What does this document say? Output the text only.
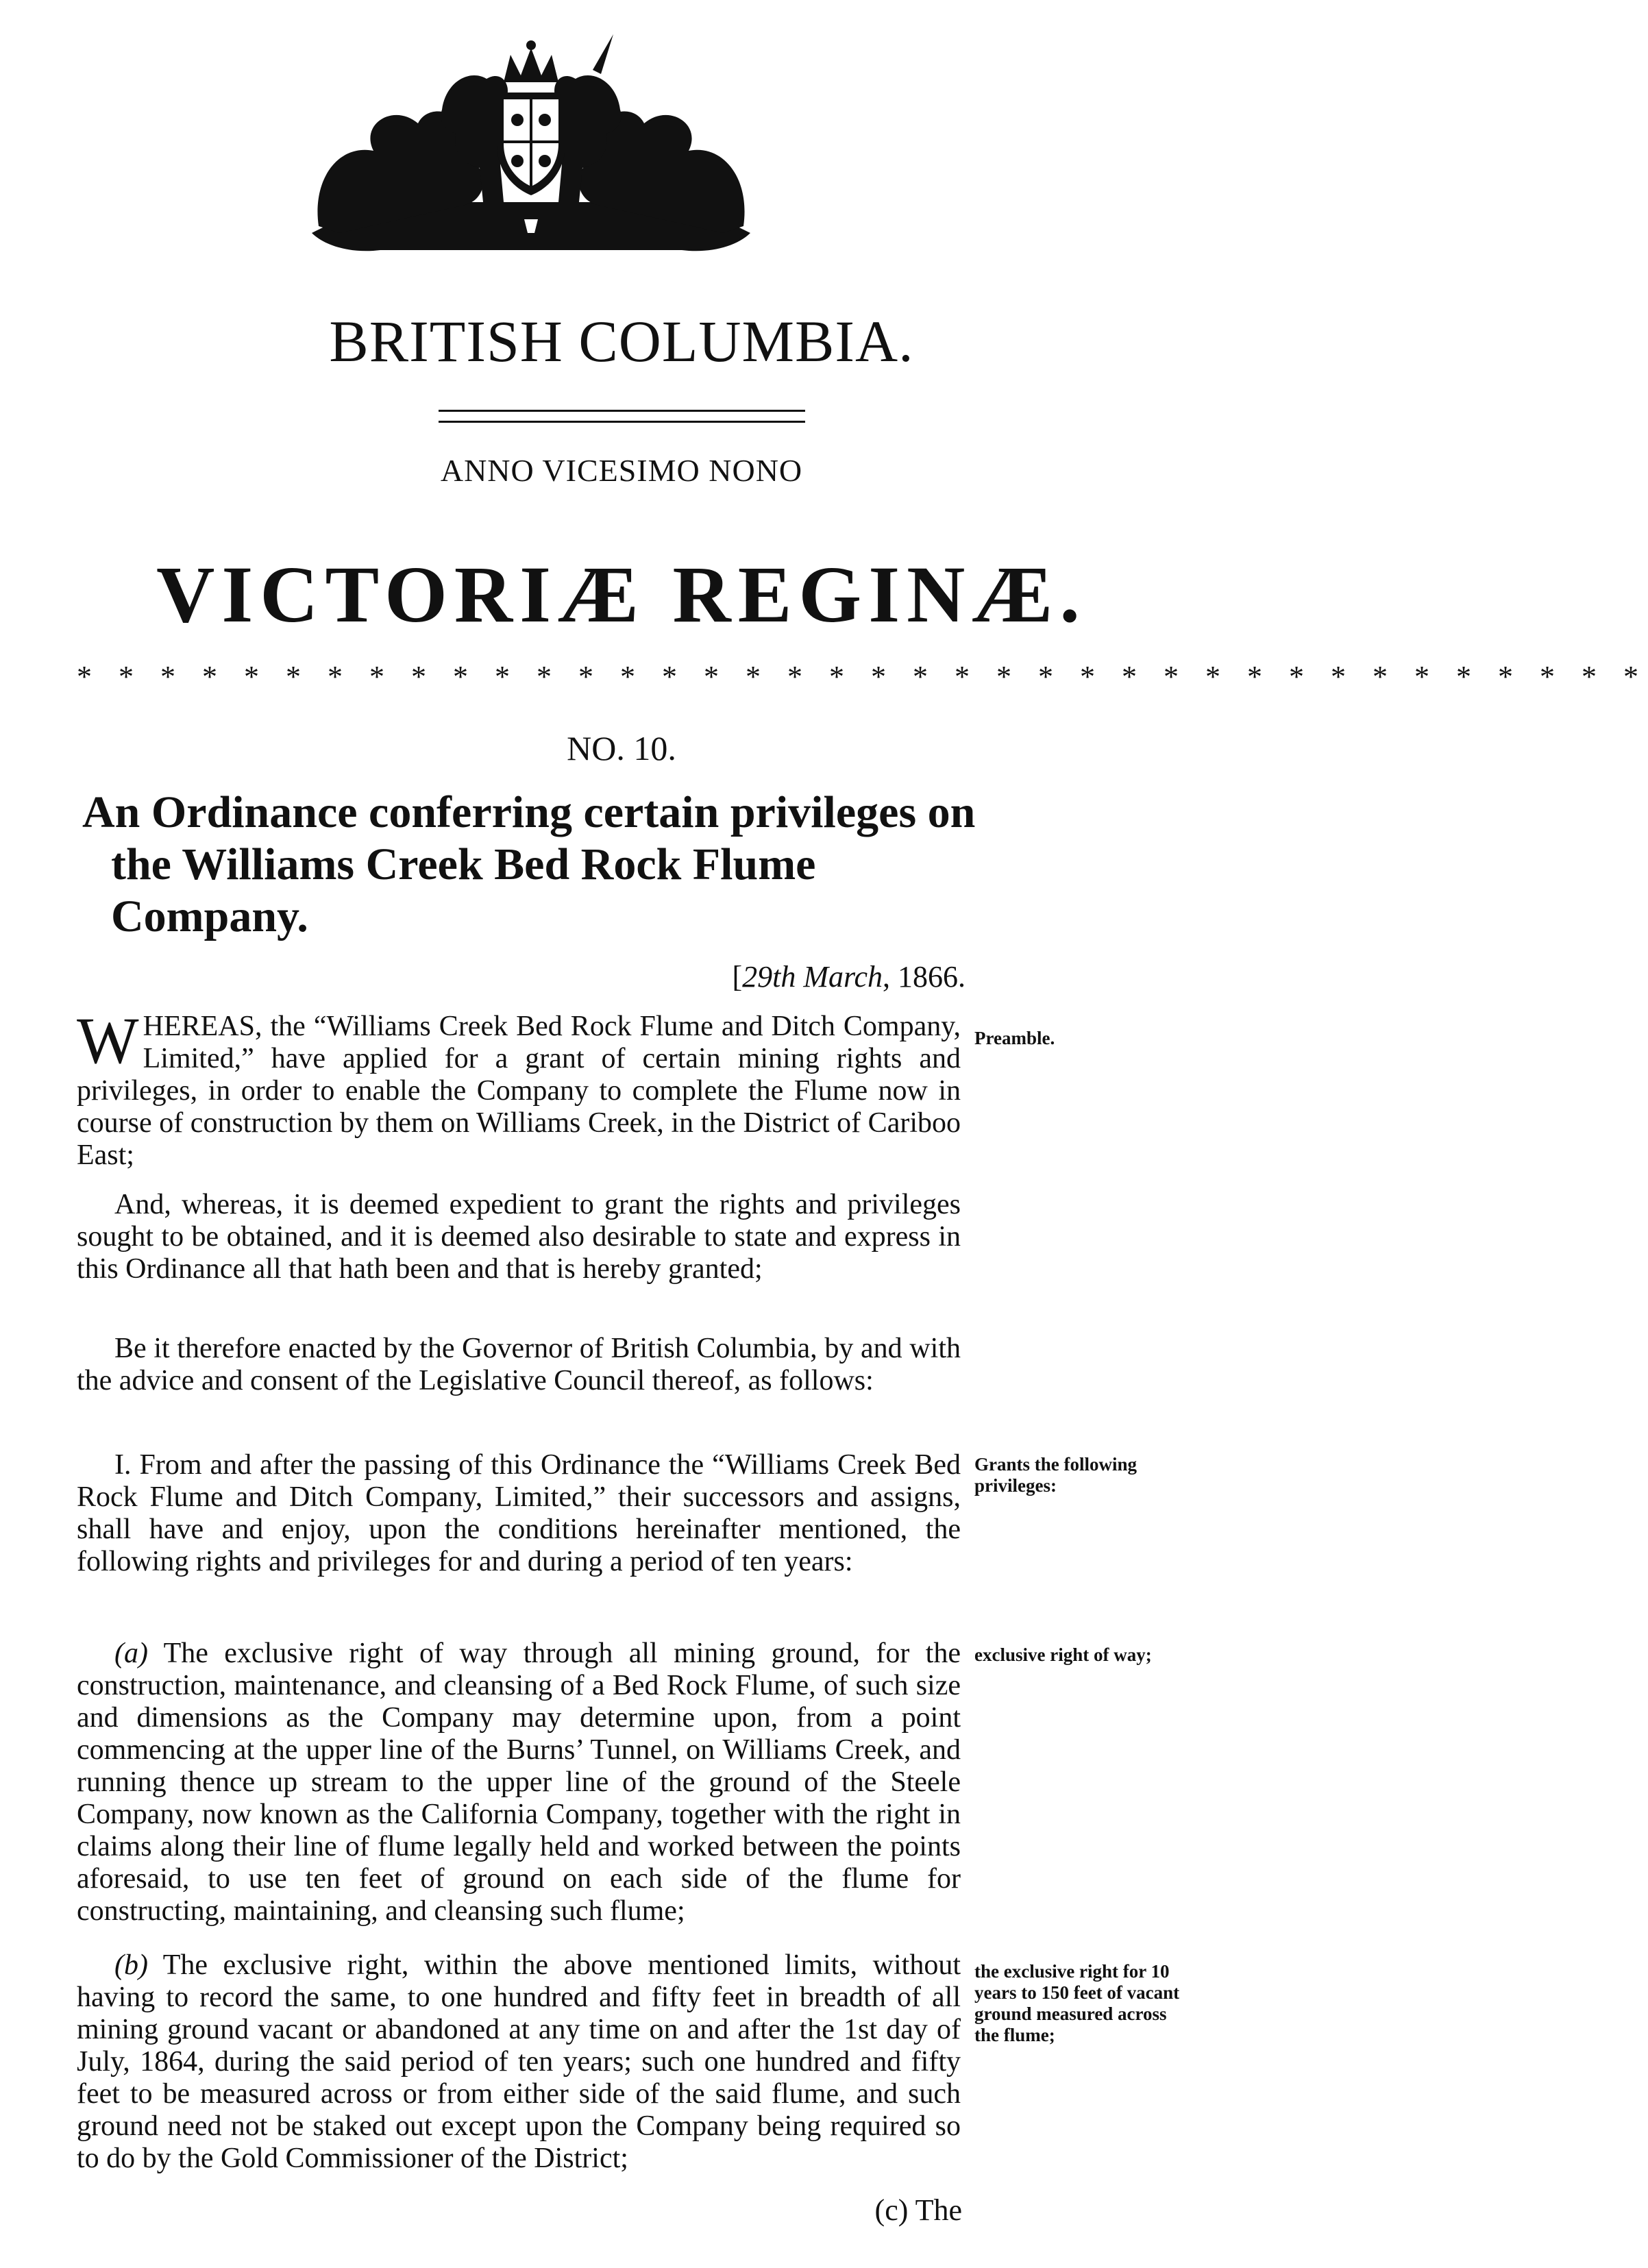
BRITISH COLUMBIA.
ANNO VICESIMO NONO
VICTORIÆ REGINÆ.
* * * * * * * * * * * * * * * * * * * * * * * * * * * * * * * * * * * * * *
NO. 10.
An Ordinance conferring certain privileges on the Williams Creek Bed Rock Flume Company.
[29th March, 1866.
WHEREAS, the “Williams Creek Bed Rock Flume and Ditch Company, Limited,” have applied for a grant of certain mining rights and privileges, in order to enable the Company to complete the Flume now in course of construction by them on Williams Creek, in the District of Cariboo East;
And, whereas, it is deemed expedient to grant the rights and privileges sought to be obtained, and it is deemed also desirable to state and express in this Ordinance all that hath been and that is hereby granted;
Be it therefore enacted by the Governor of British Columbia, by and with the advice and consent of the Legislative Council thereof, as follows:
I. From and after the passing of this Ordinance the “Williams Creek Bed Rock Flume and Ditch Company, Limited,” their successors and assigns, shall have and enjoy, upon the conditions hereinafter mentioned, the following rights and privileges for and during a period of ten years:
(a) The exclusive right of way through all mining ground, for the construction, maintenance, and cleansing of a Bed Rock Flume, of such size and dimensions as the Company may determine upon, from a point commencing at the upper line of the Burns’ Tunnel, on Williams Creek, and running thence up stream to the upper line of the ground of the Steele Company, now known as the California Company, together with the right in claims along their line of flume legally held and worked between the points aforesaid, to use ten feet of ground on each side of the flume for constructing, maintaining, and cleansing such flume;
(b) The exclusive right, within the above mentioned limits, without having to record the same, to one hundred and fifty feet in breadth of all mining ground vacant or abandoned at any time on and after the 1st day of July, 1864, during the said period of ten years; such one hundred and fifty feet to be measured across or from either side of the said flume, and such ground need not be staked out except upon the Company being required so to do by the Gold Commissioner of the District;
Preamble.
Grants the following privileges:
exclusive right of way;
the exclusive right for 10 years to 150 feet of vacant ground measured across the flume;
(c) The
